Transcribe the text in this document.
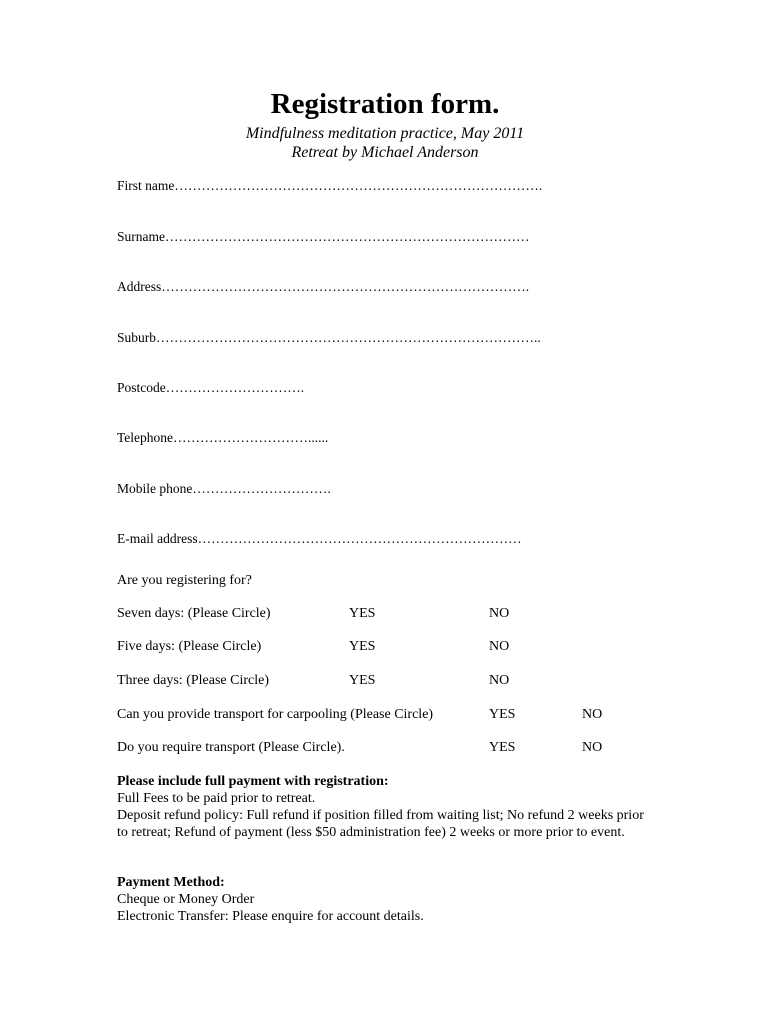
Registration form.
Mindfulness meditation practice, May 2011
Retreat by Michael Anderson
First name……………………………………………………………………….
Surname………………………………………………………………………
Address……………………………………………………………………….
Suburb…………………………………………………………………………..
Postcode………………………….
Telephone…………………………......
Mobile phone………………………….
E-mail address………………………………………………………………
Are you registering for?
Seven days: (Please Circle)	YES	NO
Five days: (Please Circle)	YES	NO
Three days: (Please Circle)	YES	NO
Can you provide transport for carpooling (Please Circle)	YES	NO
Do you require transport (Please Circle).	YES	NO

Please include full payment with registration:

Full Fees to be paid prior to retreat.

Deposit refund policy: Full refund if position filled from waiting list; No refund 2 weeks prior to retreat; Refund of payment (less $50 administration fee) 2 weeks or more prior to event.

Payment Method:

Cheque or Money Order

Electronic Transfer: Please enquire for account details.
